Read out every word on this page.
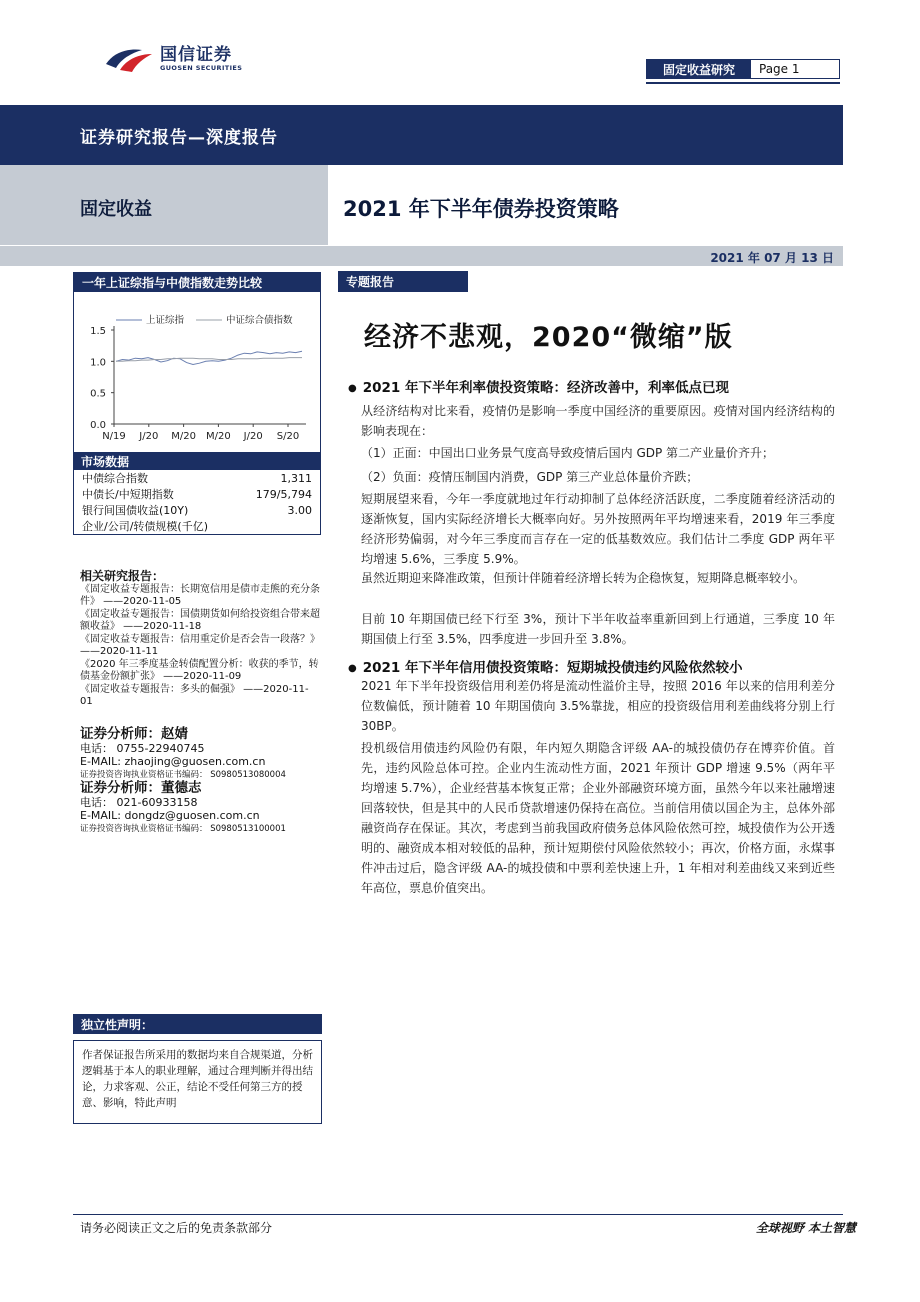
国信证券
GUOSEN SECURITIES	固定收益研究	Page 1
证券研究报告—深度报告
固定收益	2021 年下半年债券投资策略
2021 年 07 月 13 日
一年上证综指与中债指数走势比较
0.0
0.5
1.0
1.5
N/19 J/20 M/20 M/20 J/20 S/20
上证综指	中证综合债指数
市场数据
中债综合指数	1,311
中债长/中短期指数	179/5,794
银行间国债收益(10Y)	3.00
企业/公司/转债规模(千亿)
相关研究报告：
《固定收益专题报告：长期宽信用是债市走熊的充分条件》 ——2020-11-05
《固定收益专题报告：国债期货如何给投资组合带来超额收益》 ——2020-11-18
《固定收益专题报告：信用重定价是否会告一段落？》 ——2020-11-11
《2020 年三季度基金转债配置分析：收获的季节，转债基金份额扩张》 ——2020-11-09
《固定收益专题报告：多头的倔强》 ——2020-11-01
证券分析师：赵婧
电话： 0755-22940745
E-MAIL: zhaojing@guosen.com.cn
证券投资咨询执业资格证书编码： S0980513080004
证券分析师：董德志
电话： 021-60933158
E-MAIL: dongdz@guosen.com.cn
证券投资咨询执业资格证书编码： S0980513100001
独立性声明：
作者保证报告所采用的数据均来自合规渠道，分析逻辑基于本人的职业理解，通过合理判断并得出结论，力求客观、公正，结论不受任何第三方的授意、影响，特此声明
专题报告
经济不悲观，2020“微缩”版
● 2021 年下半年利率债投资策略：经济改善中，利率低点已现
从经济结构对比来看，疫情仍是影响一季度中国经济的重要原因。疫情对国内经济结构的影响表现在：
（1）正面：中国出口业务景气度高导致疫情后国内 GDP 第二产业量价齐升；
（2）负面：疫情压制国内消费，GDP 第三产业总体量价齐跌；
短期展望来看，今年一季度就地过年行动抑制了总体经济活跃度，二季度随着经济活动的逐渐恢复，国内实际经济增长大概率向好。另外按照两年平均增速来看，2019 年三季度经济形势偏弱，对今年三季度而言存在一定的低基数效应。我们估计二季度 GDP 两年平均增速 5.6%，三季度 5.9%。
虽然近期迎来降准政策，但预计伴随着经济增长转为企稳恢复，短期降息概率较小。
目前 10 年期国债已经下行至 3%，预计下半年收益率重新回到上行通道，三季度 10 年期国债上行至 3.5%，四季度进一步回升至 3.8%。
● 2021 年下半年信用债投资策略：短期城投债违约风险依然较小
2021 年下半年投资级信用利差仍将是流动性溢价主导，按照 2016 年以来的信用利差分位数偏低，预计随着 10 年期国债向 3.5%靠拢，相应的投资级信用利差曲线将分别上行 30BP。
投机级信用债违约风险仍有限，年内短久期隐含评级 AA-的城投债仍存在博弈价值。首先，违约风险总体可控。企业内生流动性方面，2021 年预计 GDP 增速 9.5%（两年平均增速 5.7%），企业经营基本恢复正常；企业外部融资环境方面，虽然今年以来社融增速回落较快，但是其中的人民币贷款增速仍保持在高位。当前信用债以国企为主，总体外部融资尚存在保证。其次，考虑到当前我国政府债务总体风险依然可控，城投债作为公开透明的、融资成本相对较低的品种，预计短期偿付风险依然较小；再次，价格方面，永煤事件冲击过后，隐含评级 AA-的城投债和中票利差快速上升，1 年相对利差曲线又来到近些年高位，票息价值突出。
请务必阅读正文之后的免责条款部分	全球视野 本土智慧
